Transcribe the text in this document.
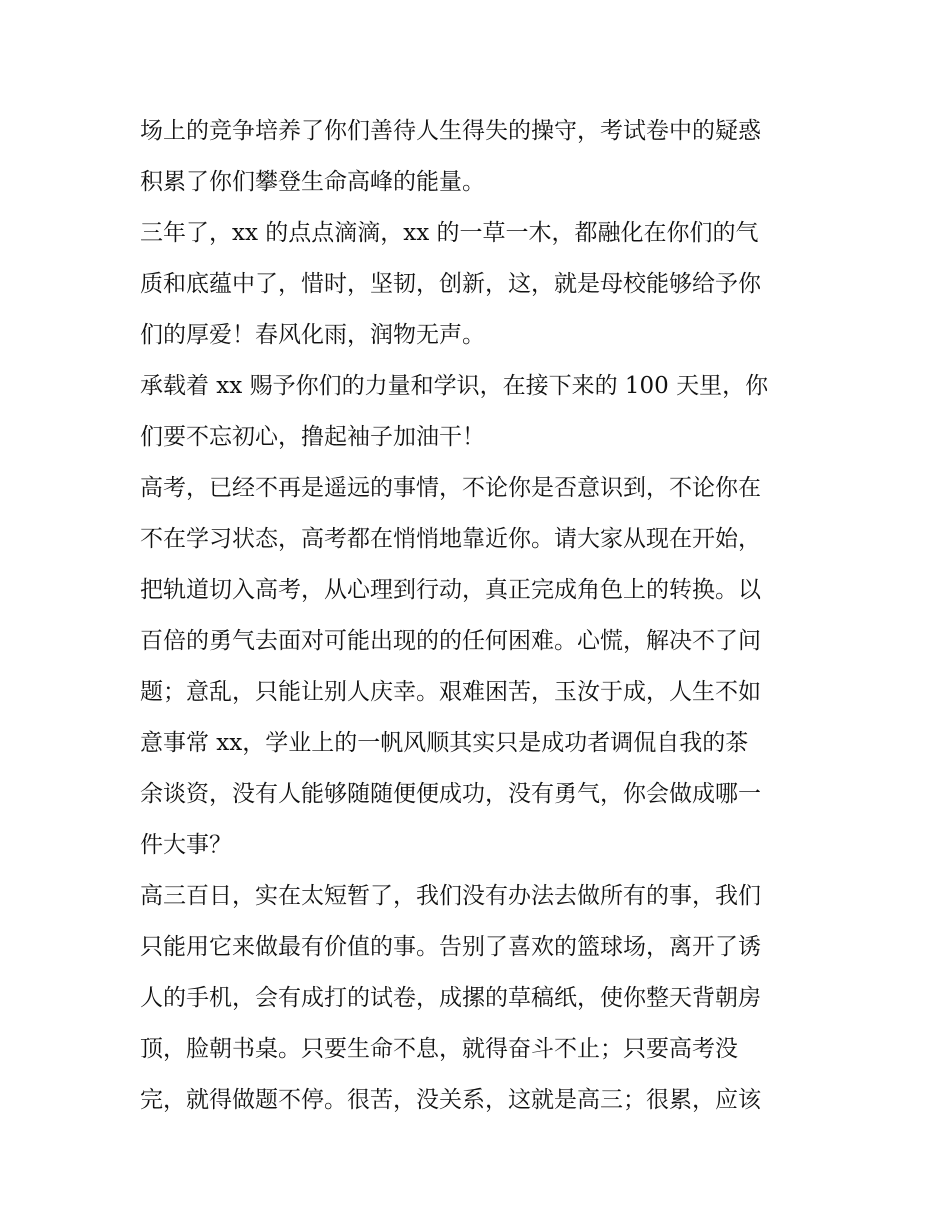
场上的竞争培养了你们善待人生得失的操守，考试卷中的疑惑
积累了你们攀登生命高峰的能量。
三年了，xx 的点点滴滴，xx 的一草一木，都融化在你们的气
质和底蕴中了，惜时，坚韧，创新，这，就是母校能够给予你
们的厚爱！春风化雨，润物无声。
承载着 xx 赐予你们的力量和学识，在接下来的 100 天里，你
们要不忘初心，撸起袖子加油干！
高考，已经不再是遥远的事情，不论你是否意识到，不论你在
不在学习状态，高考都在悄悄地靠近你。请大家从现在开始，
把轨道切入高考，从心理到行动，真正完成角色上的转换。以
百倍的勇气去面对可能出现的的任何困难。心慌，解决不了问
题；意乱，只能让别人庆幸。艰难困苦，玉汝于成，人生不如
意事常 xx，学业上的一帆风顺其实只是成功者调侃自我的茶
余谈资，没有人能够随随便便成功，没有勇气，你会做成哪一
件大事？
高三百日，实在太短暂了，我们没有办法去做所有的事，我们
只能用它来做最有价值的事。告别了喜欢的篮球场，离开了诱
人的手机，会有成打的试卷，成摞的草稿纸，使你整天背朝房
顶，脸朝书桌。只要生命不息，就得奋斗不止；只要高考没
完，就得做题不停。很苦，没关系，这就是高三；很累，应该
